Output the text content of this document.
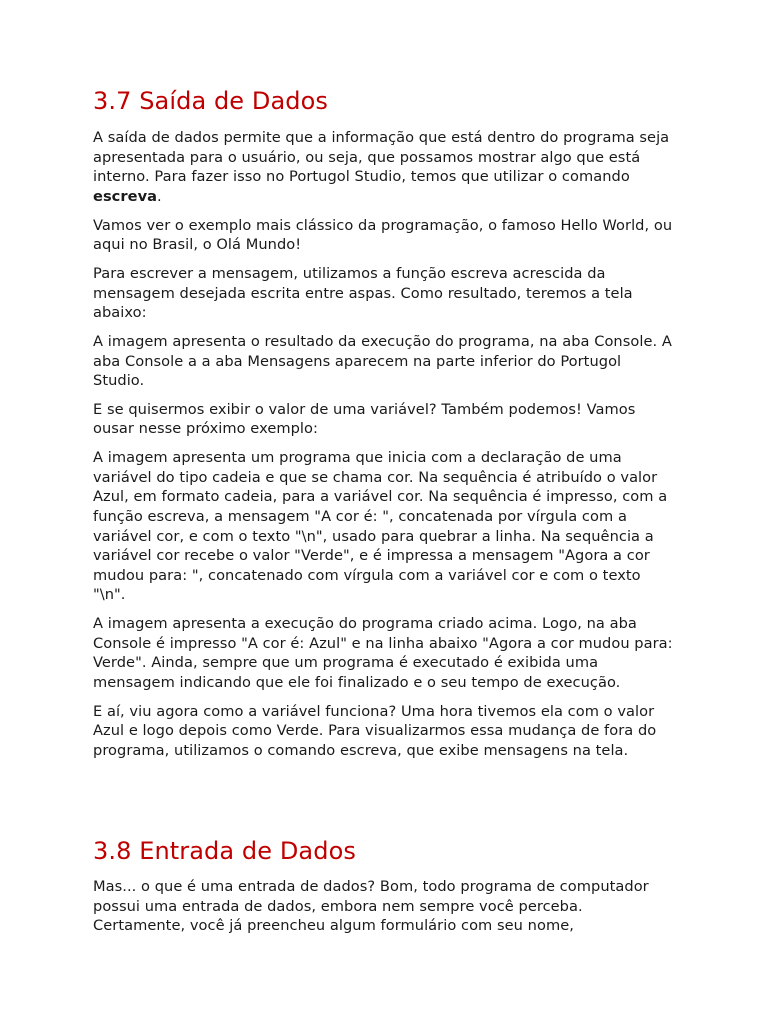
3.7 Saída de Dados

A saída de dados permite que a informação que está dentro do programa seja apresentada para o usuário, ou seja, que possamos mostrar algo que está interno. Para fazer isso no Portugol Studio, temos que utilizar o comando escreva.

Vamos ver o exemplo mais clássico da programação, o famoso Hello World, ou aqui no Brasil, o Olá Mundo!

Para escrever a mensagem, utilizamos a função escreva acrescida da mensagem desejada escrita entre aspas. Como resultado, teremos a tela abaixo:

A imagem apresenta o resultado da execução do programa, na aba Console. A aba Console a a aba Mensagens aparecem na parte inferior do Portugol Studio.

E se quisermos exibir o valor de uma variável? Também podemos! Vamos ousar nesse próximo exemplo:

A imagem apresenta um programa que inicia com a declaração de uma variável do tipo cadeia e que se chama cor. Na sequência é atribuído o valor Azul, em formato cadeia, para a variável cor. Na sequência é impresso, com a função escreva, a mensagem "A cor é: ", concatenada por vírgula com a variável cor, e com o texto "\n", usado para quebrar a linha. Na sequência a variável cor recebe o valor "Verde", e é impressa a mensagem "Agora a cor mudou para: ", concatenado com vírgula com a variável cor e com o texto "\n".

A imagem apresenta a execução do programa criado acima. Logo, na aba Console é impresso "A cor é: Azul" e na linha abaixo "Agora a cor mudou para: Verde". Ainda, sempre que um programa é executado é exibida uma mensagem indicando que ele foi finalizado e o seu tempo de execução.

E aí, viu agora como a variável funciona? Uma hora tivemos ela com o valor Azul e logo depois como Verde. Para visualizarmos essa mudança de fora do programa, utilizamos o comando escreva, que exibe mensagens na tela.

3.8 Entrada de Dados

Mas... o que é uma entrada de dados? Bom, todo programa de computador possui uma entrada de dados, embora nem sempre você perceba. Certamente, você já preencheu algum formulário com seu nome,
